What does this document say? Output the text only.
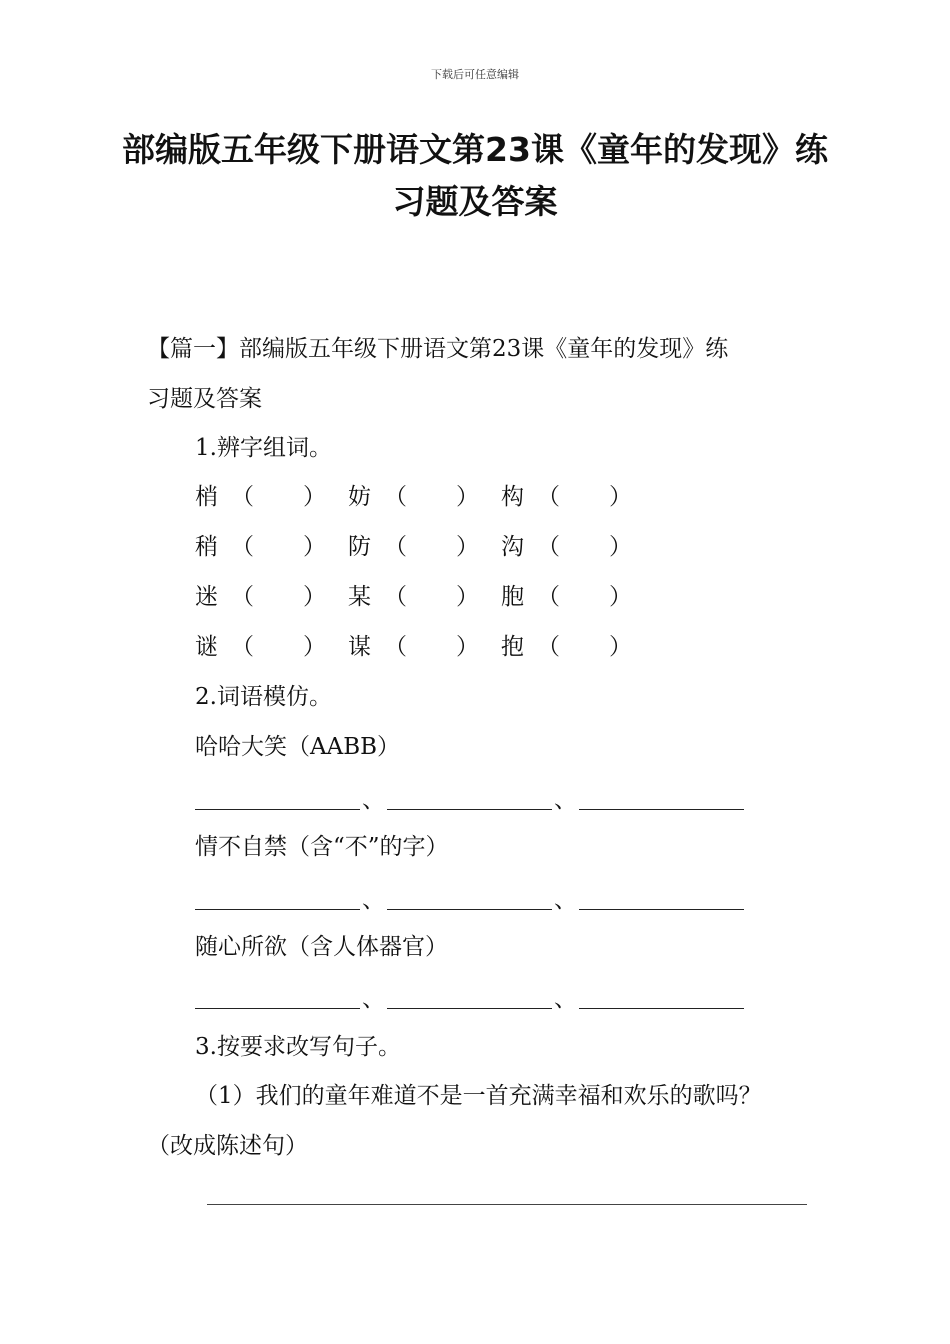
下载后可任意编辑
部编版五年级下册语文第23课《童年的发现》练习题及答案
【篇一】部编版五年级下册语文第23课《童年的发现》练
习题及答案
1.辨字组词。
梢 （	） 妨 （	） 构 （	）
稍 （	） 防 （	） 沟 （	）
迷 （	） 某 （	） 胞 （	）
谜 （	） 谋 （	） 抱 （	）
2.词语模仿。
哈哈大笑（AABB）
、	、
情不自禁（含“不”的字）
、	、
随心所欲（含人体器官）
、	、
3.按要求改写句子。
（1）我们的童年难道不是一首充满幸福和欢乐的歌吗？
（改成陈述句）
